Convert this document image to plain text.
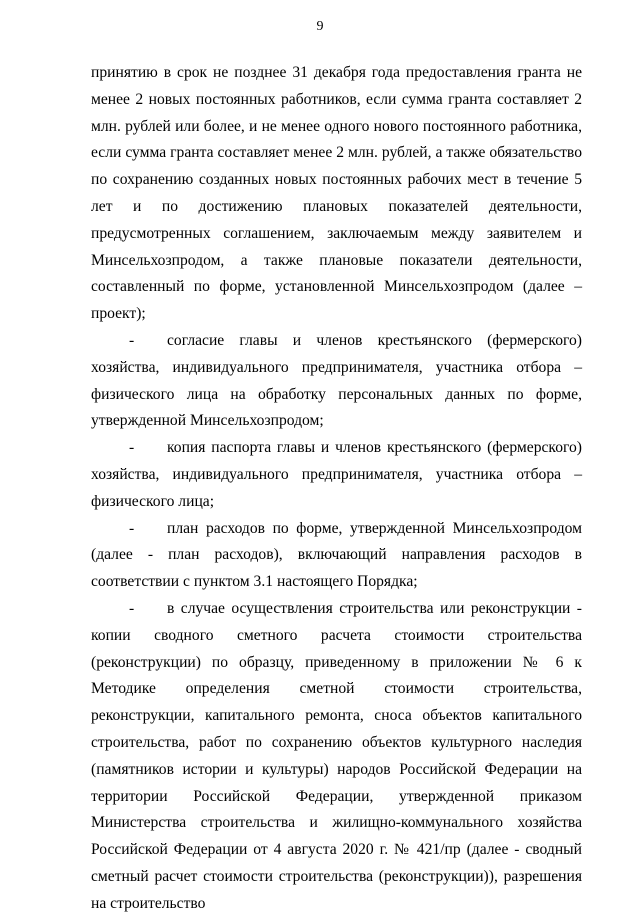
9

принятию в срок не позднее 31 декабря года предоставления гранта не менее 2 новых постоянных работников, если сумма гранта составляет 2 млн. рублей или более, и не менее одного нового постоянного работника, если сумма гранта составляет менее 2 млн. рублей, а также обязательство по сохранению созданных новых постоянных рабочих мест в течение 5 лет и по достижению плановых показателей деятельности, предусмотренных соглашением, заключаемым между заявителем и Минсельхозпродом, а также плановые показатели деятельности, составленный по форме, установленной Минсельхозпродом (далее – проект);

- согласие главы и членов крестьянского (фермерского) хозяйства, индивидуального предпринимателя, участника отбора – физического лица на обработку персональных данных по форме, утвержденной Минсельхозпродом;

- копия паспорта главы и членов крестьянского (фермерского) хозяйства, индивидуального предпринимателя, участника отбора – физического лица;

- план расходов по форме, утвержденной Минсельхозпродом (далее - план расходов), включающий направления расходов в соответствии с пунктом 3.1 настоящего Порядка;

- в случае осуществления строительства или реконструкции - копии сводного сметного расчета стоимости строительства (реконструкции) по образцу, приведенному в приложении № 6 к Методике определения сметной стоимости строительства, реконструкции, капитального ремонта, сноса объектов капитального строительства, работ по сохранению объектов культурного наследия (памятников истории и культуры) народов Российской Федерации на территории Российской Федерации, утвержденной приказом Министерства строительства и жилищно-коммунального хозяйства Российской Федерации от 4 августа 2020 г. № 421/пр (далее - сводный сметный расчет стоимости строительства (реконструкции)), разрешения на строительство
